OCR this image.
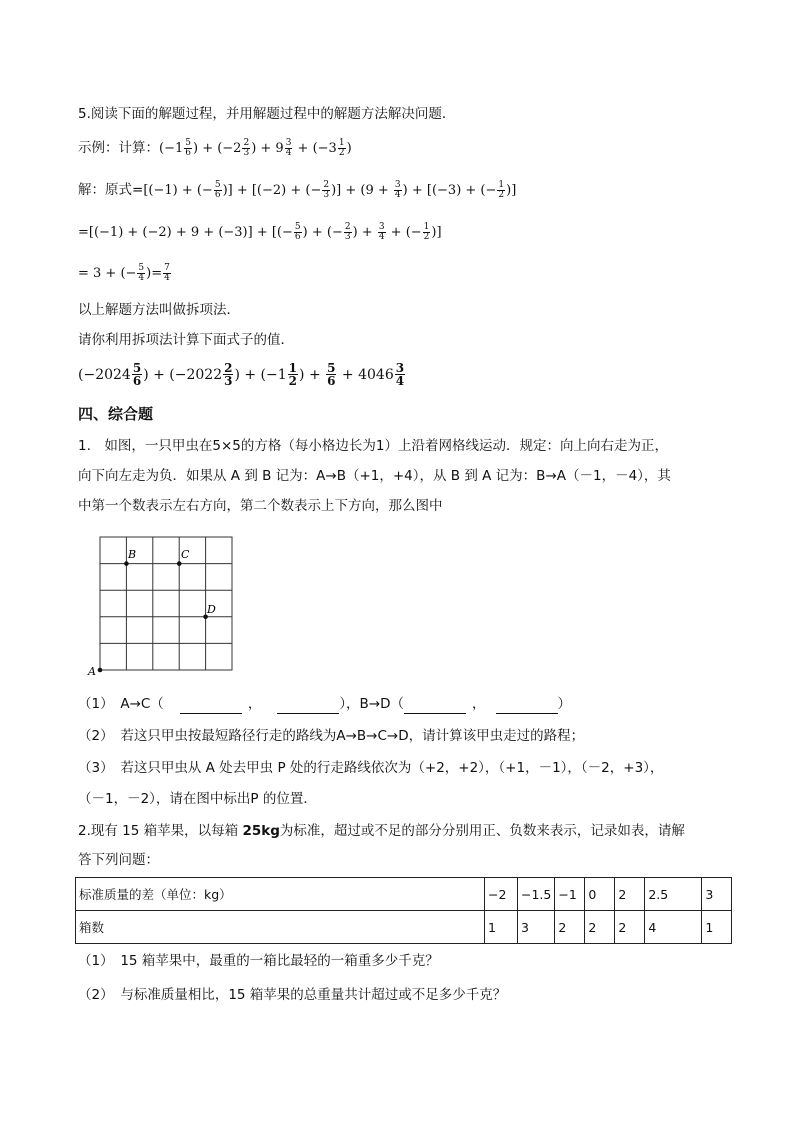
5.阅读下面的解题过程，并用解题过程中的解题方法解决问题．
示例：计算：($-1 \frac{5}{6}$ ) + ($-2 \frac{2}{3}$ ) + $9 \frac{3}{4} + (-3 \frac{1}{2}$ )
解：原式=[(−1) + (− $\frac{5}{6}$ )] + [(−2) + (− $\frac{2}{3}$ )] + ($9 + \frac{3}{4}$ ) + [(−3) + (− $\frac{1}{2}$ )]
=[(−1) + (−2) + 9 + (−3)] + [(− $\frac{5}{6}$ ) + (− $\frac{2}{3}$ ) + $\frac{3}{4}$ + (− $\frac{1}{2}$ )]
= 3 + (− $\frac{5}{4}$ )= $\frac{7}{4}$
以上解题方法叫做拆项法．
请你利用拆项法计算下面式子的值．
($-2024 \frac{5}{6}$ ) + ($-2022 \frac{2}{3}$ ) + ($-1 \frac{1}{2}$ ) + $\frac{5}{6} + 4046 \frac{3}{4}$
四、综合题
1.　如图，一只甲虫在5×5的方格（每小格边长为1）上沿着网格线运动．规定：向上向右走为正，
向下向左走为负．如果从 A 到 B 记为：A→B（+1，+4），从 B 到 A 记为：B→A（－1，－4），其
中第一个数表示左右方向，第二个数表示上下方向，那么图中
A
B	C
D
（1）　A→C（	，	），B→D（	，	）
（2）　若这只甲虫按最短路径行走的路线为A→B→C→D，请计算该甲虫走过的路程；
（3）　若这只甲虫从 A 处去甲虫 P 处的行走路线依次为（+2，+2），（+1，－1），（－2，+3），
（－1，－2），请在图中标出P 的位置．
2.现有 15 箱苹果，以每箱 25kg为标准，超过或不足的部分分别用正、负数来表示，记录如表，请解
答下列问题：
标准质量的差（单位：kg）	−2	−1.5	−1	0	2	2.5	3
箱数	1	3	2	2	2	4	1
（1）　15 箱苹果中，最重的一箱比最轻的一箱重多少千克？
（2）　与标准质量相比，15 箱苹果的总重量共计超过或不足多少千克？
